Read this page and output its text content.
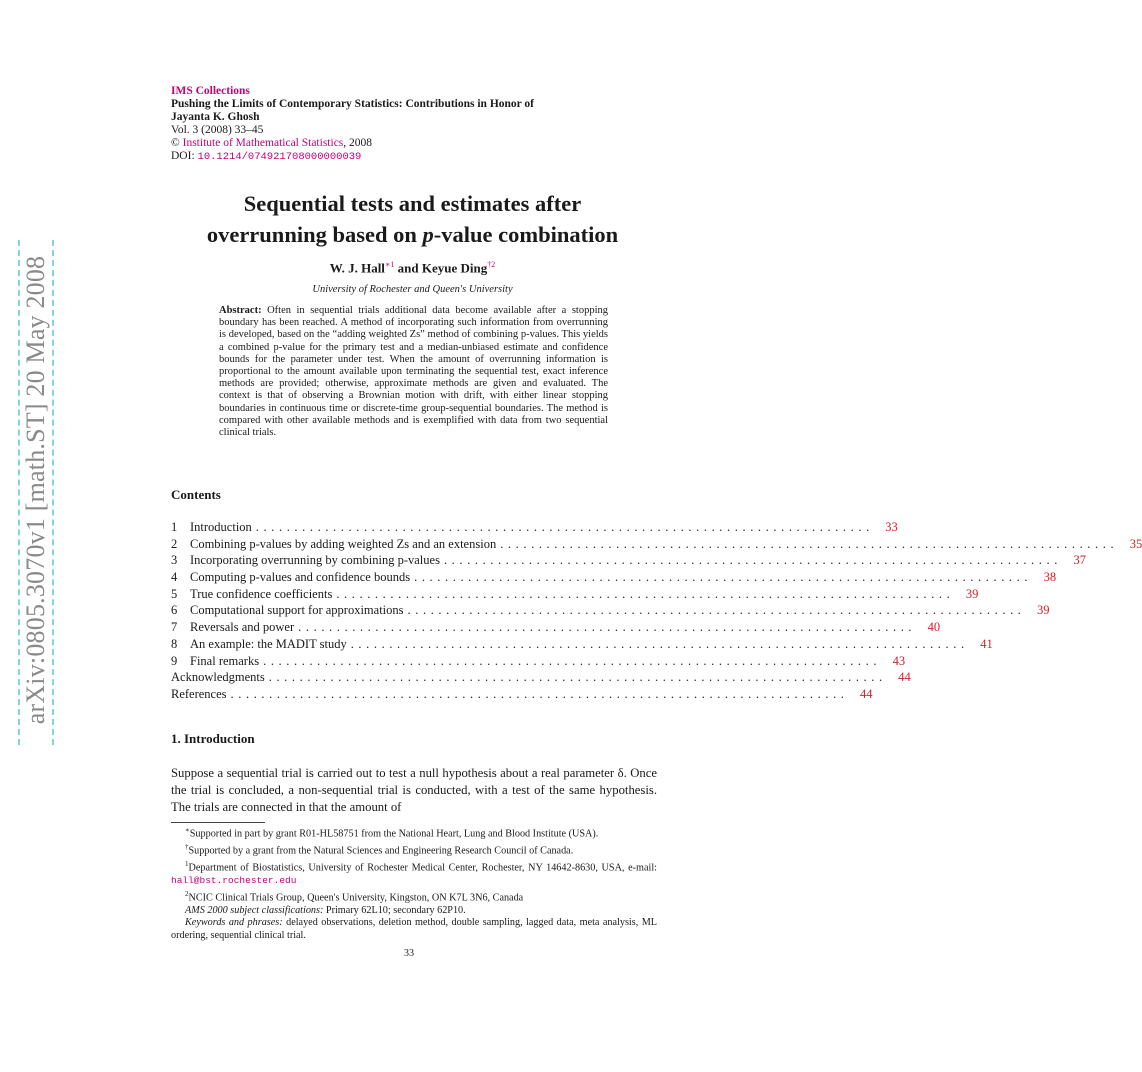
arXiv:0805.3070v1 [math.ST] 20 May 2008
IMS Collections
Pushing the Limits of Contemporary Statistics: Contributions in Honor of
Jayanta K. Ghosh
Vol. 3 (2008) 33–45
© Institute of Mathematical Statistics, 2008
DOI: 10.1214/074921708000000039
Sequential tests and estimates after
overrunning based on p-value combination
W. J. Hall$^{∗1}$ and Keyue Ding$^{\dagger 2}$
University of Rochester and Queen's University
Abstract: Often in sequential trials additional data become available after a stopping boundary has been reached. A method of incorporating such information from overrunning is developed, based on the “adding weighted Zs” method of combining p-values. This yields a combined p-value for the primary test and a median-unbiased estimate and confidence bounds for the parameter under test. When the amount of overrunning information is proportional to the amount available upon terminating the sequential test, exact inference methods are provided; otherwise, approximate methods are given and evaluated. The context is that of observing a Brownian motion with drift, with either linear stopping boundaries in continuous time or discrete-time group-sequential boundaries. The method is compared with other available methods and is exemplified with data from two sequential clinical trials.
Contents
1	Introduction ................................................................................ 33
2	Combining p-values by adding weighted Zs and an extension ................................................................................ 35
3	Incorporating overrunning by combining p-values ................................................................................ 37
4	Computing p-values and confidence bounds ................................................................................ 38
5	True confidence coefficients ................................................................................ 39
6	Computational support for approximations ................................................................................ 39
7	Reversals and power ................................................................................ 40
8	An example: the MADIT study ................................................................................ 41
9	Final remarks ................................................................................ 43
Acknowledgments ................................................................................ 44
References ................................................................................ 44
1. Introduction
Suppose a sequential trial is carried out to test a null hypothesis about a real parameter δ. Once the trial is concluded, a non-sequential trial is conducted, with a test of the same hypothesis. The trials are connected in that the amount of

∗Supported in part by grant R01-HL58751 from the National Heart, Lung and Blood Institute (USA).

†Supported by a grant from the Natural Sciences and Engineering Research Council of Canada.

$^1$Department of Biostatistics, University of Rochester Medical Center, Rochester, NY 14642-8630, USA, e-mail: hall@bst.rochester.edu

$^2$NCIC Clinical Trials Group, Queen's University, Kingston, ON K7L 3N6, Canada

AMS 2000 subject classifications: Primary 62L10; secondary 62P10.

Keywords and phrases: delayed observations, deletion method, double sampling, lagged data, meta analysis, ML ordering, sequential clinical trial.

33
